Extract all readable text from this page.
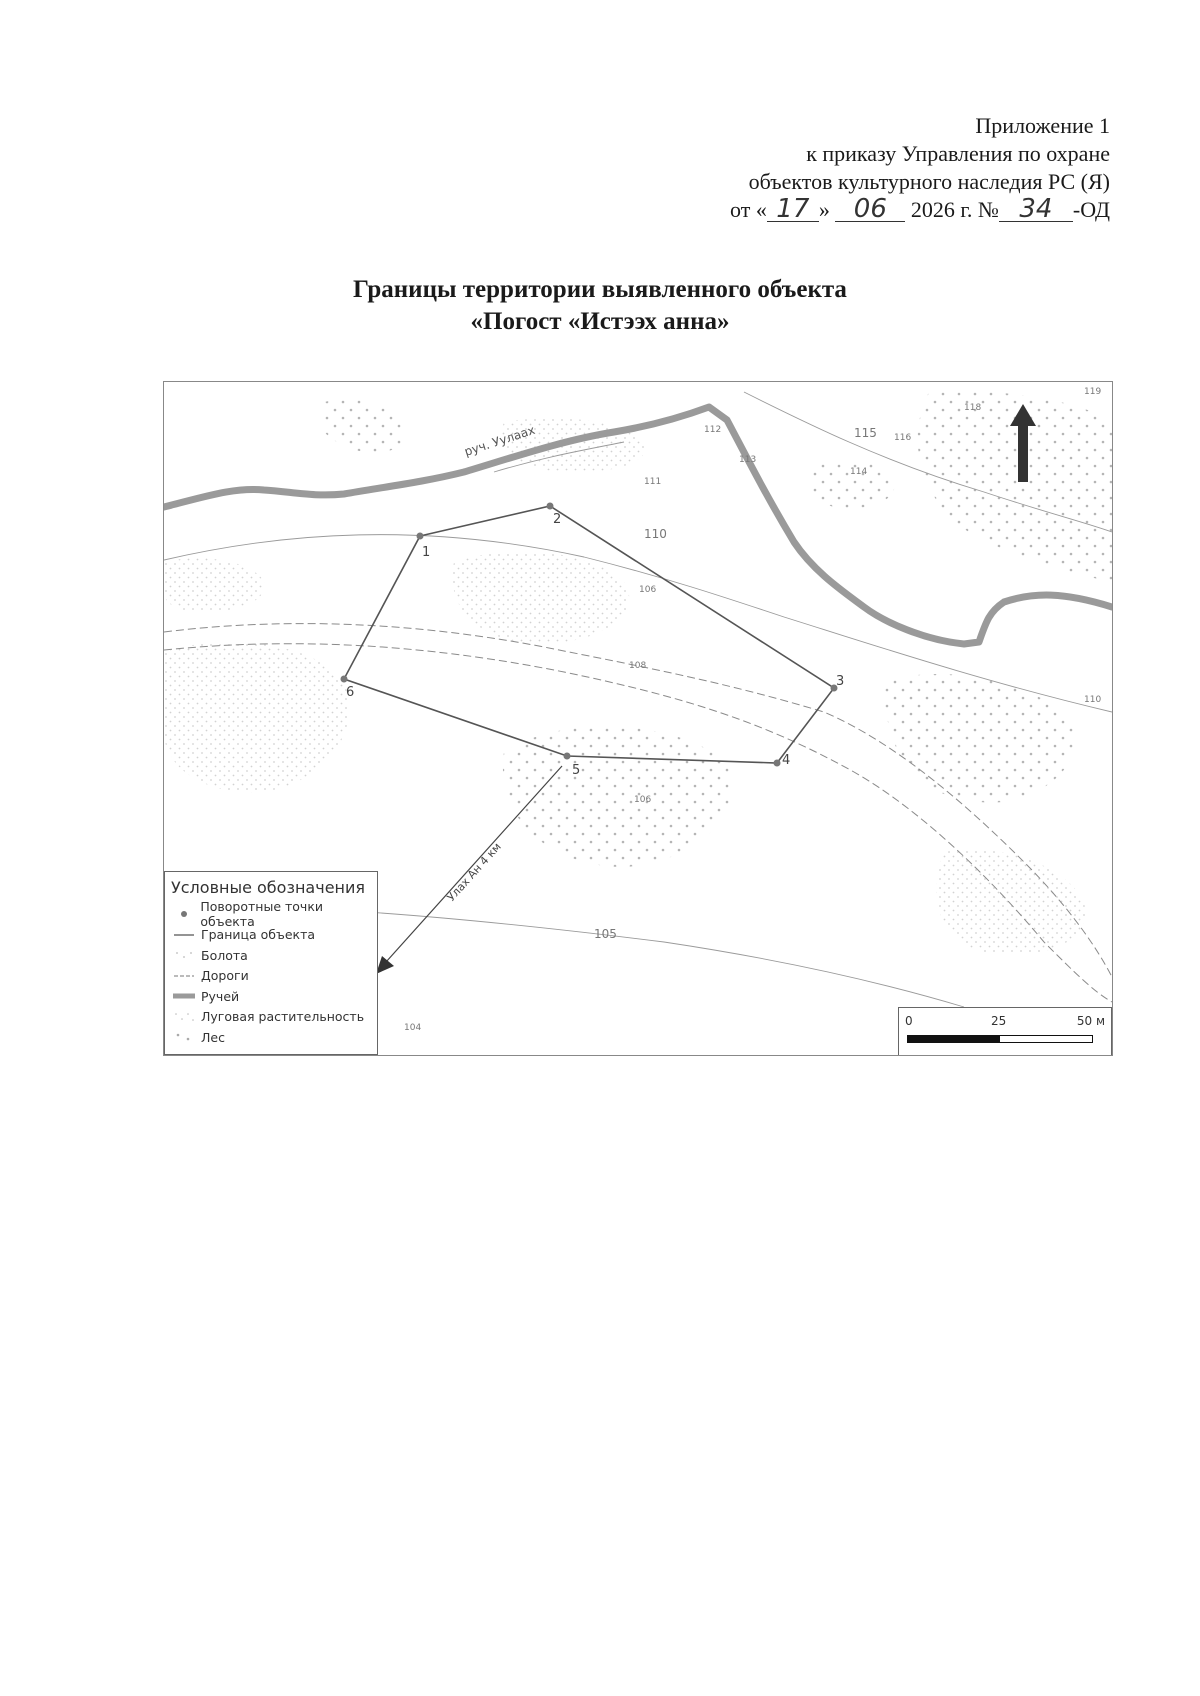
Приложение 1
к приказу Управления по охране
объектов культурного наследия РС (Я)
от « 17 » 06 2026 г. № 34 -ОД
Границы территории выявленного объекта
«Погост «Истээх анна»
руч. Уулаах	112
111
113
115
114
118
116
119
110
106
108
110
106
105
104
1
2
3
4
5
6
Улах Ан 4 км
Условные обозначения
Поворотные точки объекта
Граница объекта
Болота
Дороги
Ручей
Луговая растительность
Лес
0	25	50 м
